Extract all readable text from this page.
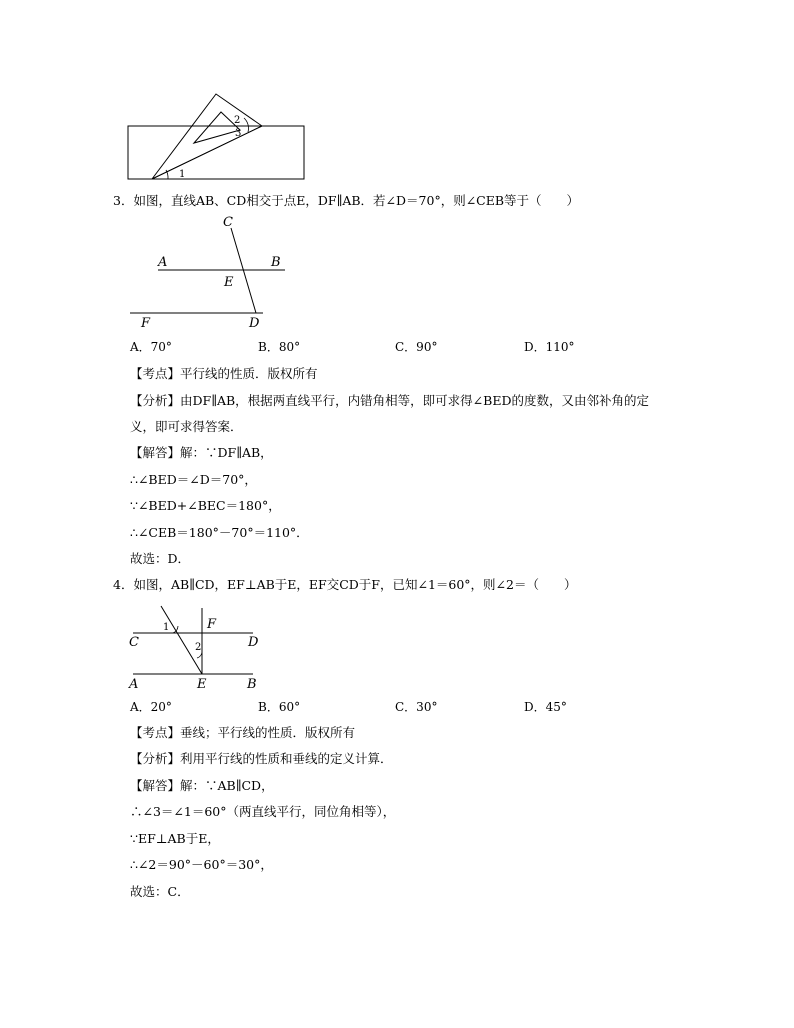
1
2
3
3．如图，直线AB、CD相交于点E，DF∥AB．若∠D＝70°，则∠CEB等于（　　）
C
A	B
E
F	D
A．70°	B．80°	C．90°	D．110°
【考点】平行线的性质．版权所有
【分析】由DF∥AB，根据两直线平行，内错角相等，即可求得∠BED的度数，又由邻补角的定
义，即可求得答案．
【解答】解：∵DF∥AB，
∴∠BED＝∠D＝70°，
∵∠BED+∠BEC＝180°，
∴∠CEB＝180°－70°＝110°．
故选：D．
4．如图，AB∥CD，EF⊥AB于E，EF交CD于F，已知∠1＝60°，则∠2＝（　　）
F
C	D
1
2
A	E	B
A．20°	B．60°	C．30°	D．45°
【考点】垂线；平行线的性质．版权所有
【分析】利用平行线的性质和垂线的定义计算．
【解答】解：∵AB∥CD，
∴∠3＝∠1＝60°（两直线平行，同位角相等），
∵EF⊥AB于E，
∴∠2＝90°－60°＝30°，
故选：C．
